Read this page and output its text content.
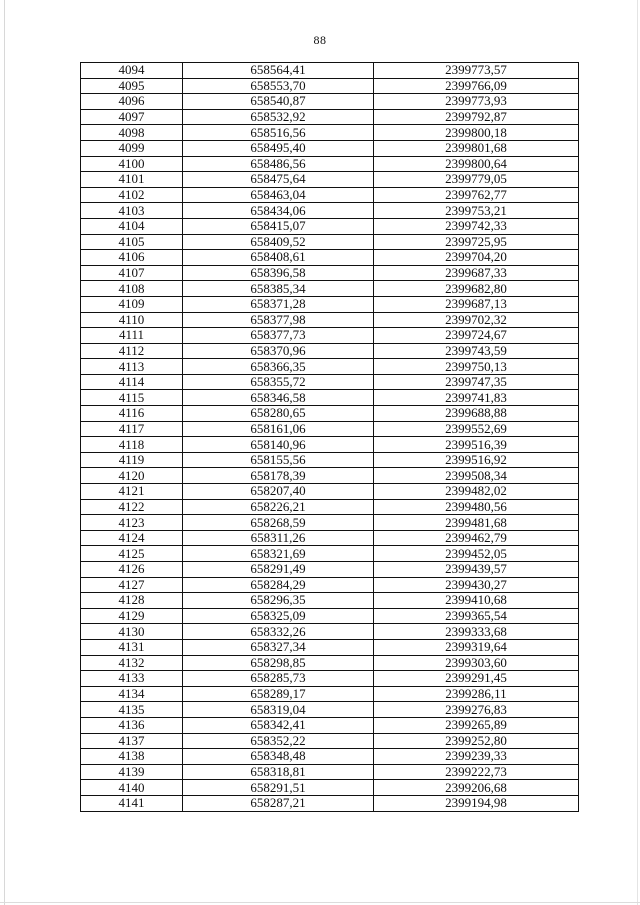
88
4094	658564,41	2399773,57
4095	658553,70	2399766,09
4096	658540,87	2399773,93
4097	658532,92	2399792,87
4098	658516,56	2399800,18
4099	658495,40	2399801,68
4100	658486,56	2399800,64
4101	658475,64	2399779,05
4102	658463,04	2399762,77
4103	658434,06	2399753,21
4104	658415,07	2399742,33
4105	658409,52	2399725,95
4106	658408,61	2399704,20
4107	658396,58	2399687,33
4108	658385,34	2399682,80
4109	658371,28	2399687,13
4110	658377,98	2399702,32
4111	658377,73	2399724,67
4112	658370,96	2399743,59
4113	658366,35	2399750,13
4114	658355,72	2399747,35
4115	658346,58	2399741,83
4116	658280,65	2399688,88
4117	658161,06	2399552,69
4118	658140,96	2399516,39
4119	658155,56	2399516,92
4120	658178,39	2399508,34
4121	658207,40	2399482,02
4122	658226,21	2399480,56
4123	658268,59	2399481,68
4124	658311,26	2399462,79
4125	658321,69	2399452,05
4126	658291,49	2399439,57
4127	658284,29	2399430,27
4128	658296,35	2399410,68
4129	658325,09	2399365,54
4130	658332,26	2399333,68
4131	658327,34	2399319,64
4132	658298,85	2399303,60
4133	658285,73	2399291,45
4134	658289,17	2399286,11
4135	658319,04	2399276,83
4136	658342,41	2399265,89
4137	658352,22	2399252,80
4138	658348,48	2399239,33
4139	658318,81	2399222,73
4140	658291,51	2399206,68
4141	658287,21	2399194,98
